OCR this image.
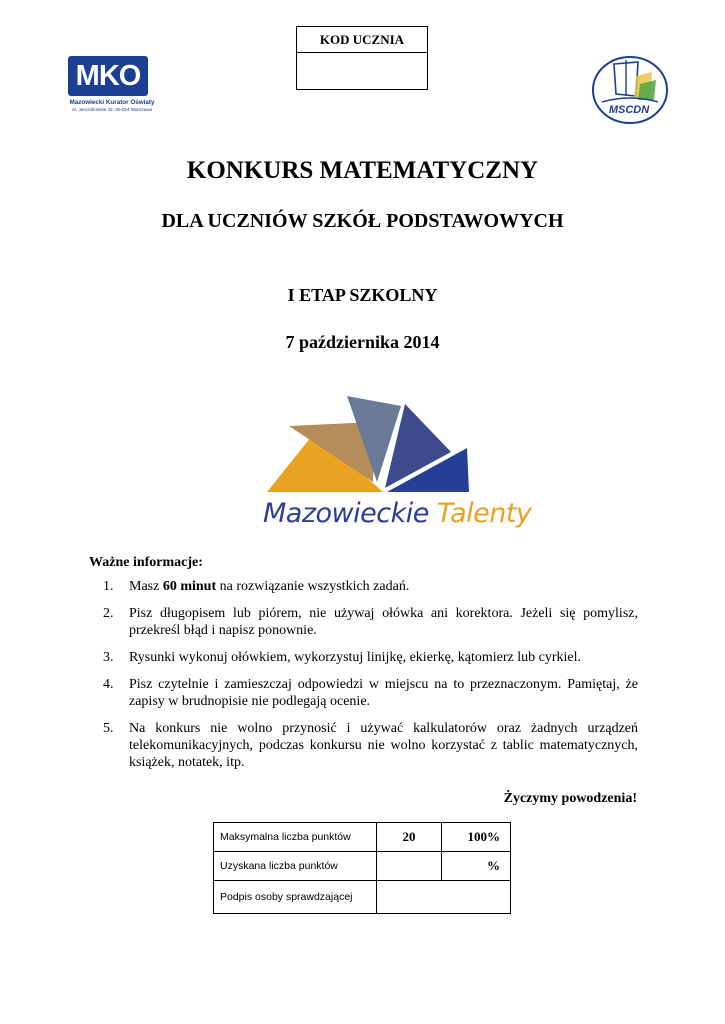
KOD UCZNIA
MKO
Mazowiecki Kurator Oświaty
Al. Jerozolimskie 32, 00-024 Warszawa	MSCDN
KONKURS MATEMATYCZNY
DLA UCZNIÓW SZKÓŁ PODSTAWOWYCH
I ETAP SZKOLNY
7 października 2014
Mazowieckie Talenty
Ważne informacje:
1. Masz 60 minut na rozwiązanie wszystkich zadań.
2. Pisz długopisem lub piórem, nie używaj ołówka ani korektora. Jeżeli się pomylisz, przekreśl błąd i napisz ponownie.
3. Rysunki wykonuj ołówkiem, wykorzystuj linijkę, ekierkę, kątomierz lub cyrkiel.
4. Pisz czytelnie i zamieszczaj odpowiedzi w miejscu na to przeznaczonym. Pamiętaj, że zapisy w brudnopisie nie podlegają ocenie.
5. Na konkurs nie wolno przynosić i używać kalkulatorów oraz żadnych urządzeń telekomunikacyjnych, podczas konkursu nie wolno korzystać z tablic matematycznych, książek, notatek, itp.
Życzymy powodzenia!
Maksymalna liczba punktów	20	100%
Uzyskana liczba punktów		%
Podpis osoby sprawdzającej		
